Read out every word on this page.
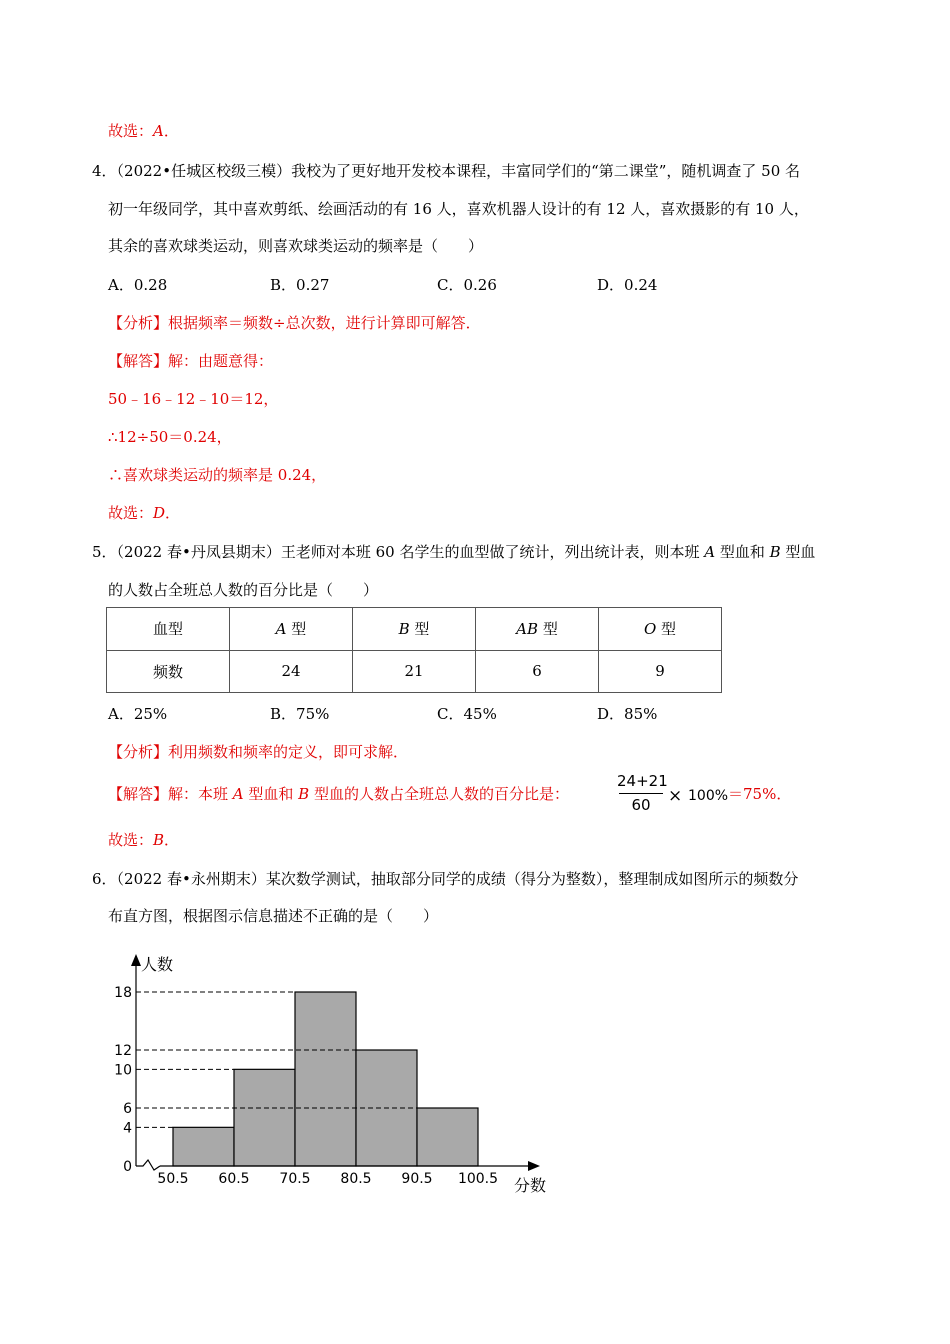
故选：A．
4．（2022•任城区校级三模）我校为了更好地开发校本课程，丰富同学们的“第二课堂”，随机调查了 50 名
初一年级同学，其中喜欢剪纸、绘画活动的有 16 人，喜欢机器人设计的有 12 人，喜欢摄影的有 10 人，
其余的喜欢球类运动，则喜欢球类运动的频率是（　　）
A．0.28	B．0.27	C．0.26	D．0.24
【分析】根据频率＝频数÷总次数，进行计算即可解答．
【解答】解：由题意得：
50﹣16﹣12﹣10＝12，
∴12÷50＝0.24，
∴喜欢球类运动的频率是 0.24，
故选：D．
5．（2022 春•丹凤县期末）王老师对本班 60 名学生的血型做了统计，列出统计表，则本班 A 型血和 B 型血
的人数占全班总人数的百分比是（　　）
血型	A 型	B 型	AB 型	O 型
频数	24	21	6	9
A．25%	B．75%	C．45%	D．85%
【分析】利用频数和频率的定义，即可求解．
【解答】解：本班 A 型血和 B 型血的人数占全班总人数的百分比是：
24+21
60	× 100% ＝75%．
故选：B．
6．（2022 春•永州期末）某次数学测试，抽取部分同学的成绩（得分为整数），整理制成如图所示的频数分
布直方图，根据图示信息描述不正确的是（　　）
人数
分数
0
4
6
10
12
18
50.5 60.5 70.5 80.5 90.5 100.5
